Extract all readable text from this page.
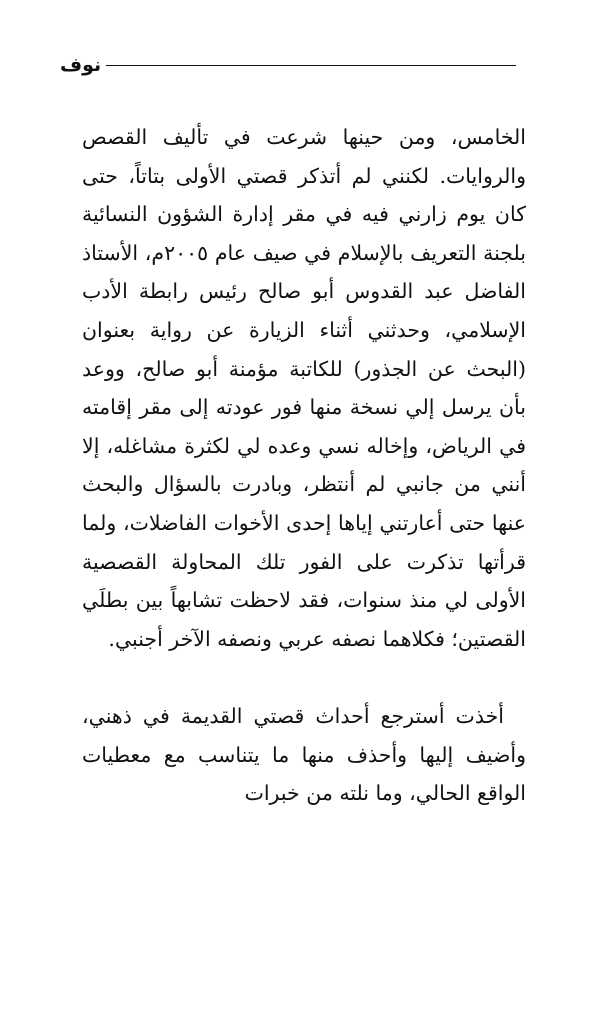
نوف

الخامس، ومن حينها شرعت في تأليف القصص والروايات. لكنني لم أتذكر قصتي الأولى بتاتاً، حتى كان يوم زارني فيه في مقر إدارة الشؤون النسائية بلجنة التعريف بالإسلام في صيف عام ٢٠٠٥م، الأستاذ الفاضل عبد القدوس أبو صالح رئيس رابطة الأدب الإسلامي، وحدثني أثناء الزيارة عن رواية بعنوان (البحث عن الجذور) للكاتبة مؤمنة أبو صالح، ووعد بأن يرسل إلي نسخة منها فور عودته إلى مقر إقامته في الرياض، وإخاله نسي وعده لي لكثرة مشاغله، إلا أنني من جانبي لم أنتظر، وبادرت بالسؤال والبحث عنها حتى أعارتني إياها إحدى الأخوات الفاضلات، ولما قرأتها تذكرت على الفور تلك المحاولة القصصية الأولى لي منذ سنوات، فقد لاحظت تشابهاً بين بطلَي القصتين؛ فكلاهما نصفه عربي ونصفه الآخر أجنبي.

أخذت أسترجع أحداث قصتي القديمة في ذهني، وأضيف إليها وأحذف منها ما يتناسب مع معطيات الواقع الحالي، وما نلته من خبرات
